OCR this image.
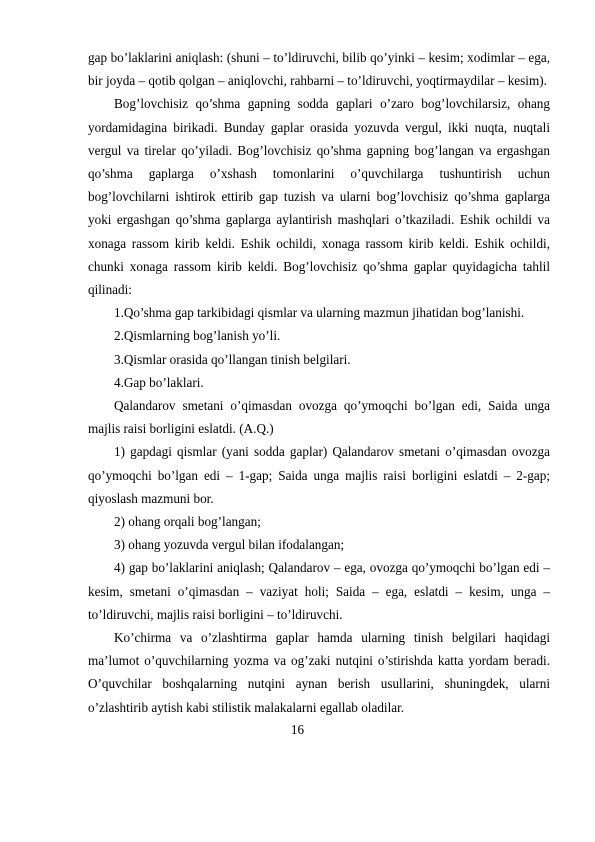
gap bo’laklarini aniqlash: (shuni – to’ldiruvchi, bilib qo’yinki – kesim; xodimlar – ega, bir joyda – qotib qolgan – aniqlovchi, rahbarni – to’ldiruvchi, yoqtirmaydilar – kesim).

Bog’lovchisiz qo’shma gapning sodda gaplari o’zaro bog’lovchilarsiz, ohang yordamidagina birikadi. Bunday gaplar orasida yozuvda vergul, ikki nuqta, nuqtali vergul va tirelar qo’yiladi. Bog’lovchisiz qo’shma gapning bog’langan va ergashgan qo’shma gaplarga o’xshash tomonlarini o’quvchilarga tushuntirish uchun bog’lovchilarni ishtirok ettirib gap tuzish va ularni bog’lovchisiz qo’shma gaplarga yoki ergashgan qo’shma gaplarga aylantirish mashqlari o’tkaziladi. Eshik ochildi va xonaga rassom kirib keldi. Eshik ochildi, xonaga rassom kirib keldi. Eshik ochildi, chunki xonaga rassom kirib keldi. Bog’lovchisiz qo’shma gaplar quyidagicha tahlil qilinadi:

1.Qo’shma gap tarkibidagi qismlar va ularning mazmun jihatidan bog’lanishi.

2.Qismlarning bog’lanish yo’li.

3.Qismlar orasida qo’llangan tinish belgilari.

4.Gap bo’laklari.

Qalandarov smetani o’qimasdan ovozga qo’ymoqchi bo’lgan edi, Saida unga majlis raisi borligini eslatdi. (A.Q.)

1) gapdagi qismlar (yani sodda gaplar) Qalandarov smetani o’qimasdan ovozga qo’ymoqchi bo’lgan edi – 1-gap; Saida unga majlis raisi borligini eslatdi – 2-gap; qiyoslash mazmuni bor.

2) ohang orqali bog’langan;

3) ohang yozuvda vergul bilan ifodalangan;

4) gap bo’laklarini aniqlash; Qalandarov – ega, ovozga qo’ymoqchi bo’lgan edi – kesim, smetani o’qimasdan – vaziyat holi; Saida – ega, eslatdi – kesim, unga – to’ldiruvchi, majlis raisi borligini – to’ldiruvchi.

Ko’chirma va o’zlashtirma gaplar hamda ularning tinish belgilari haqidagi ma’lumot o’quvchilarning yozma va og’zaki nutqini o’stirishda katta yordam beradi. O’quvchilar boshqalarning nutqini aynan berish usullarini, shuningdek, ularni o’zlashtirib aytish kabi stilistik malakalarni egallab oladilar.

16
